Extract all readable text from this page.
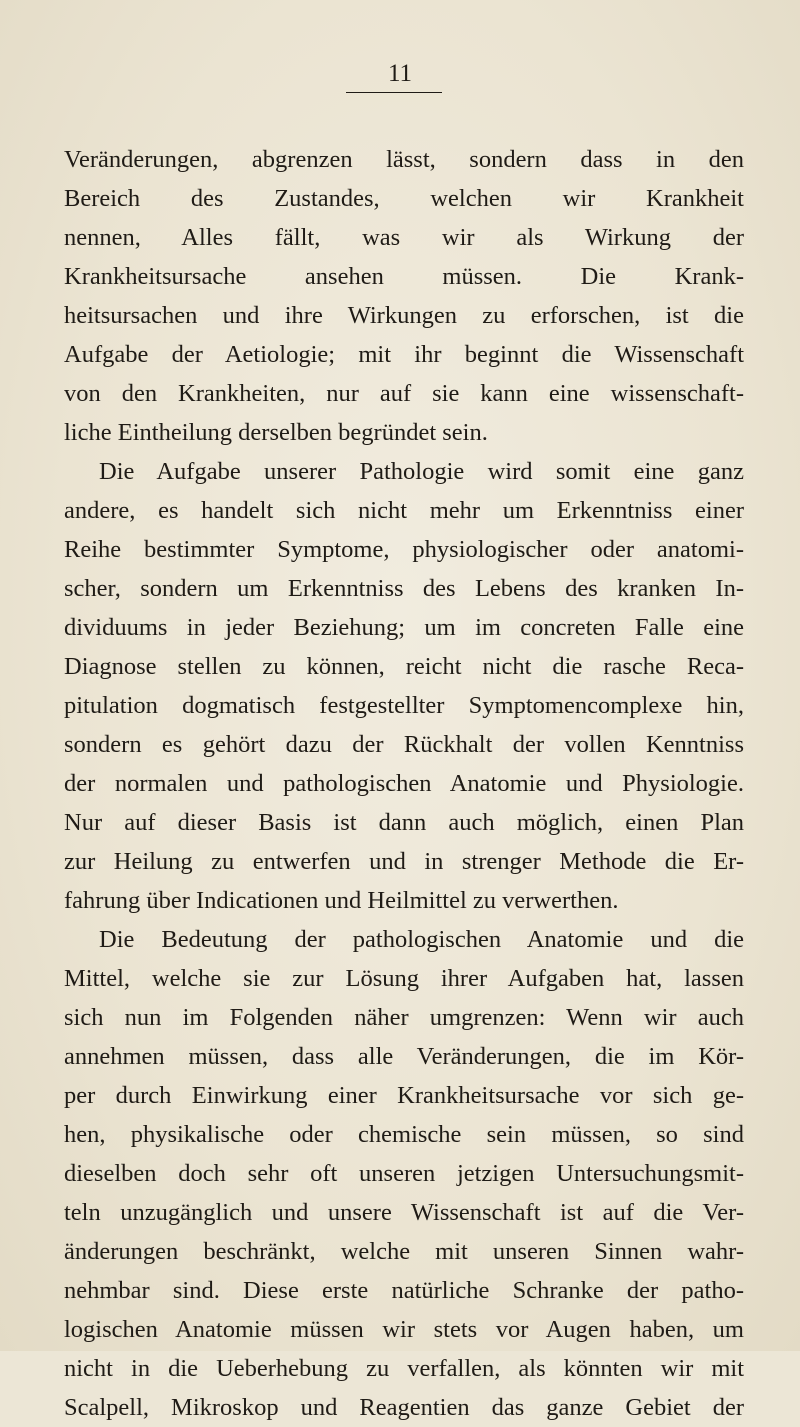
11
Veränderungen, abgrenzen lässt, sondern dass in den
Bereich des Zustandes, welchen wir Krankheit
nennen, Alles fällt, was wir als Wirkung der
Krankheitsursache ansehen müssen. Die Krank-
heitsursachen und ihre Wirkungen zu erforschen, ist die
Aufgabe der Aetiologie; mit ihr beginnt die Wissenschaft
von den Krankheiten, nur auf sie kann eine wissenschaft-
liche Eintheilung derselben begründet sein.
Die Aufgabe unserer Pathologie wird somit eine ganz
andere, es handelt sich nicht mehr um Erkenntniss einer
Reihe bestimmter Symptome, physiologischer oder anatomi-
scher, sondern um Erkenntniss des Lebens des kranken In-
dividuums in jeder Beziehung; um im concreten Falle eine
Diagnose stellen zu können, reicht nicht die rasche Reca-
pitulation dogmatisch festgestellter Symptomencomplexe hin,
sondern es gehört dazu der Rückhalt der vollen Kenntniss
der normalen und pathologischen Anatomie und Physiologie.
Nur auf dieser Basis ist dann auch möglich, einen Plan
zur Heilung zu entwerfen und in strenger Methode die Er-
fahrung über Indicationen und Heilmittel zu verwerthen.
Die Bedeutung der pathologischen Anatomie und die
Mittel, welche sie zur Lösung ihrer Aufgaben hat, lassen
sich nun im Folgenden näher umgrenzen: Wenn wir auch
annehmen müssen, dass alle Veränderungen, die im Kör-
per durch Einwirkung einer Krankheitsursache vor sich ge-
hen, physikalische oder chemische sein müssen, so sind
dieselben doch sehr oft unseren jetzigen Untersuchungsmit-
teln unzugänglich und unsere Wissenschaft ist auf die Ver-
änderungen beschränkt, welche mit unseren Sinnen wahr-
nehmbar sind. Diese erste natürliche Schranke der patho-
logischen Anatomie müssen wir stets vor Augen haben, um
nicht in die Ueberhebung zu verfallen, als könnten wir mit
Scalpell, Mikroskop und Reagentien das ganze Gebiet der
